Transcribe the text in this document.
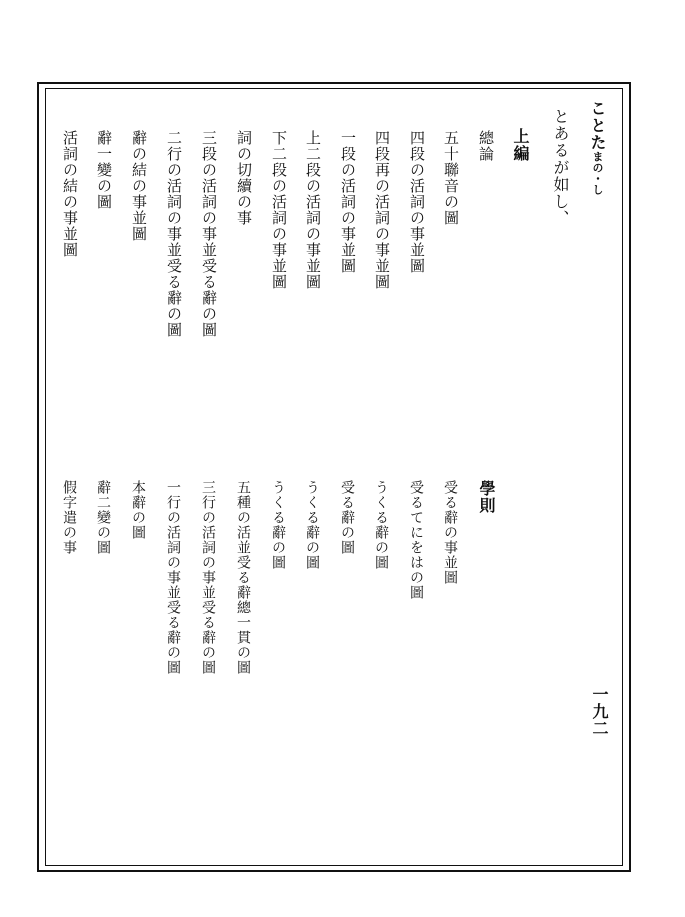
ことたまの・し
一九二
とあるが如し、
上編
總論
五十聯音の圖
四段の活詞の事並圖
四段再の活詞の事並圖
一段の活詞の事並圖
上二段の活詞の事並圖
下二段の活詞の事並圖
詞の切續の事
三段の活詞の事並受る辭の圖
二行の活詞の事並受る辭の圖
辭の結の事並圖
辭一變の圖
活詞の結の事並圖
學則
受る辭の事並圖
受るてにをはの圖
うくる辭の圖
受る辭の圖
うくる辭の圖
うくる辭の圖
五種の活並受る辭總一貫の圖
三行の活詞の事並受る辭の圖
一行の活詞の事並受る辭の圖
本辭の圖
辭二變の圖
假字遣の事
